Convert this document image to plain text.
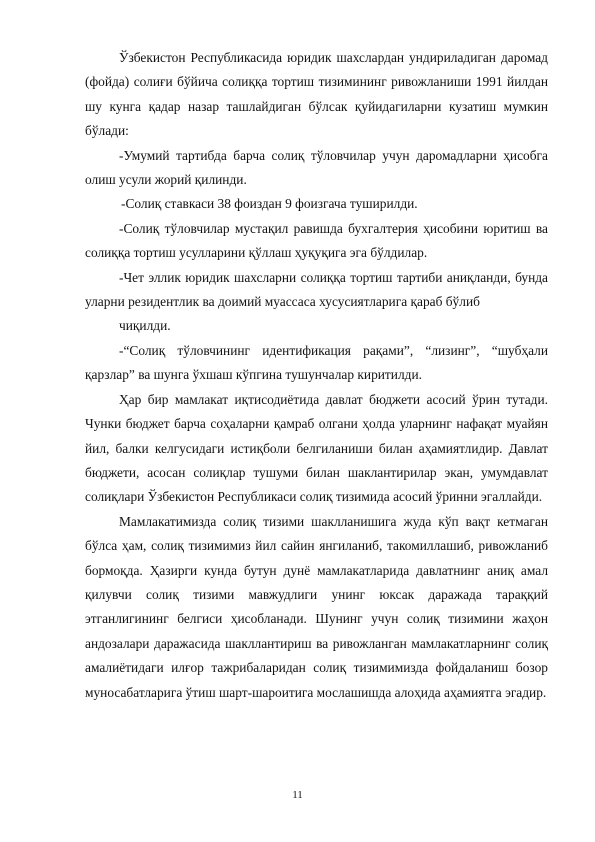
Ўзбекистон Республикасида юридик шахслардан ундириладиган даромад (фойда) солиғи бўйича солиққа тортиш тизимининг ривожланиши 1991 йилдан шу кунга қадар назар ташлайдиган бўлсак қуйидагиларни кузатиш мумкин бўлади:

-Умумий тартибда барча солиқ тўловчилар учун даромадларни ҳисобга олиш усули жорий қилинди.

-Солиқ ставкаси 38 фоиздан 9 фоизгача туширилди.

-Солиқ тўловчилар мустақил равишда бухгалтерия ҳисобини юритиш ва солиққа тортиш усулларини қўллаш ҳуқуқига эга бўлдилар.

-Чет эллик юридик шахсларни солиққа тортиш тартиби аниқланди, бунда уларни резидентлик ва доимий муассаса хусусиятларига қараб бўлиб

чиқилди.

-“Солиқ тўловчининг идентификация рақами”, “лизинг”, “шубҳали қарзлар” ва шунга ўхшаш кўпгина тушунчалар киритилди.

Ҳар бир мамлакат иқтисодиётида давлат бюджети асосий ўрин тутади. Чунки бюджет барча соҳаларни қамраб олгани ҳолда уларнинг нафақат муайян йил, балки келгусидаги истиқболи белгиланиши билан аҳамиятлидир. Давлат бюджети, асосан солиқлар тушуми билан шаклантирилар экан, умумдавлат солиқлари Ўзбекистон Республикаси солиқ тизимида асосий ўринни эгаллайди.

Мамлакатимизда солиқ тизими шаклланишига жуда кўп вақт кетмаган бўлса ҳам, солиқ тизимимиз йил сайин янгиланиб, такомиллашиб, ривожланиб бормоқда. Ҳазирги кунда бутун дунё мамлакатларида давлатнинг аниқ амал қилувчи солиқ тизими мавжудлиги унинг юксак даражада тараққий этганлигининг белгиси ҳисобланади. Шунинг учун солиқ тизимини жаҳон андозалари даражасида шакллантириш ва ривожланган мамлакатларнинг солиқ амалиётидаги илғор тажрибаларидан солиқ тизимимизда фойдаланиш бозор муносабатларига ўтиш шарт-шароитига мослашишда алоҳида аҳамиятга эгадир.

11
